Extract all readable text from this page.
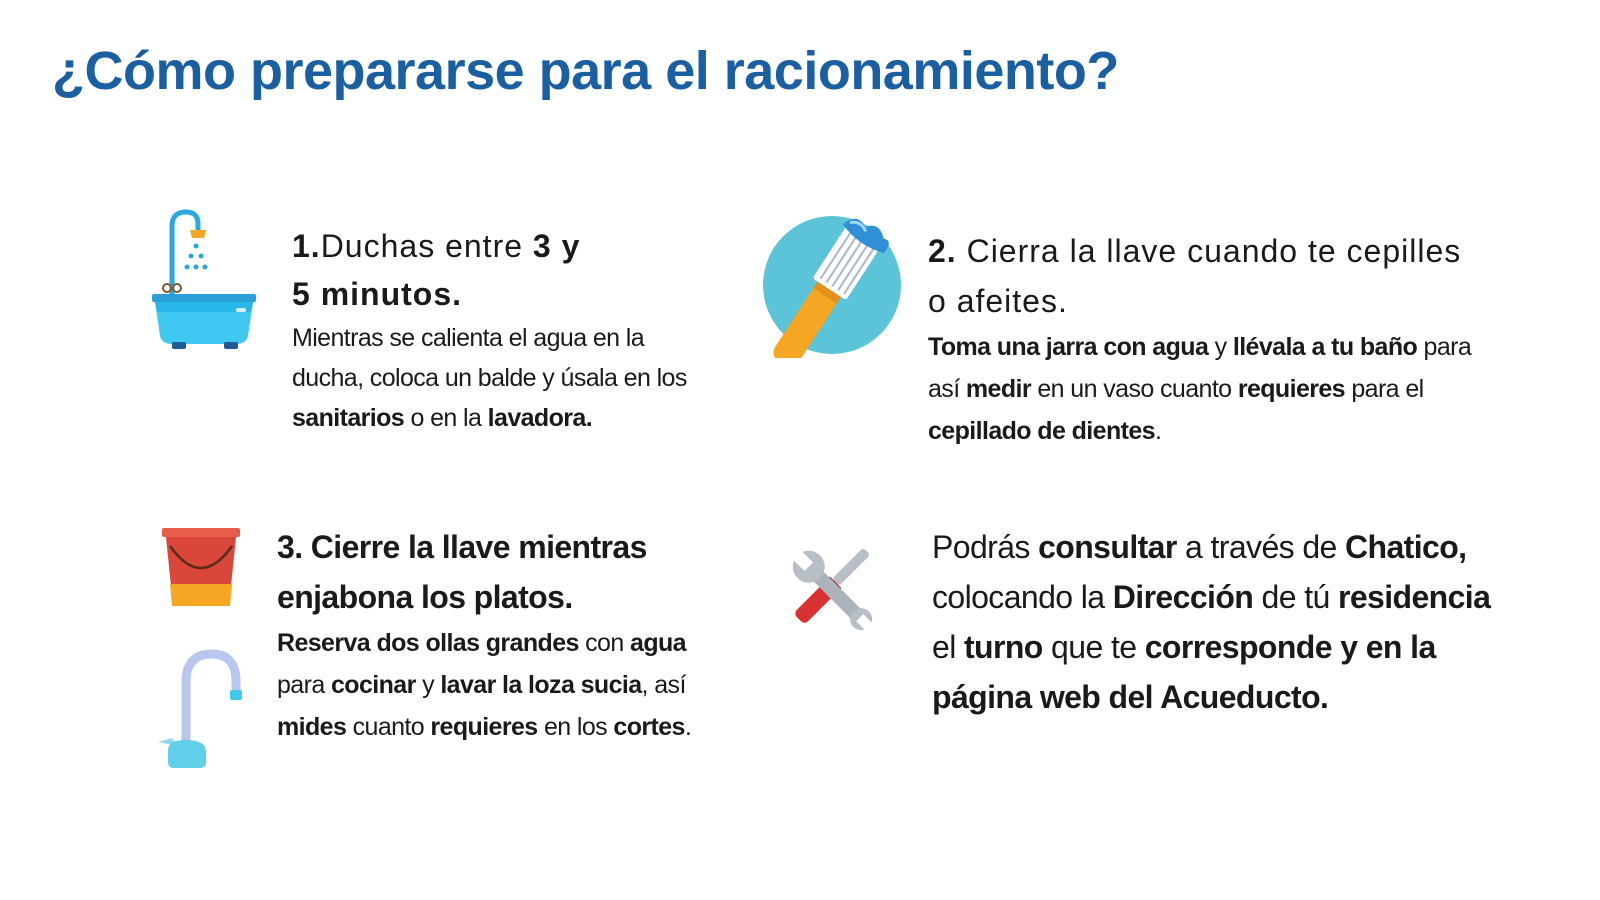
¿Cómo prepararse para el racionamiento?

1.Duchas entre 3 y
5 minutos.

Mientras se calienta el agua en la ducha, coloca un balde y úsala en los sanitarios o en la lavadora.

2. Cierra la llave cuando te cepilles o afeites.

Toma una jarra con agua y llévala a tu baño para así medir en un vaso cuanto requieres para el cepillado de dientes.

3. Cierre la llave mientras enjabona los platos.

Reserva dos ollas grandes con agua para cocinar y lavar la loza sucia, así mides cuanto requieres en los cortes.

Podrás consultar a través de Chatico, colocando la Dirección de tú residencia el turno que te corresponde y en la página web del Acueducto.
